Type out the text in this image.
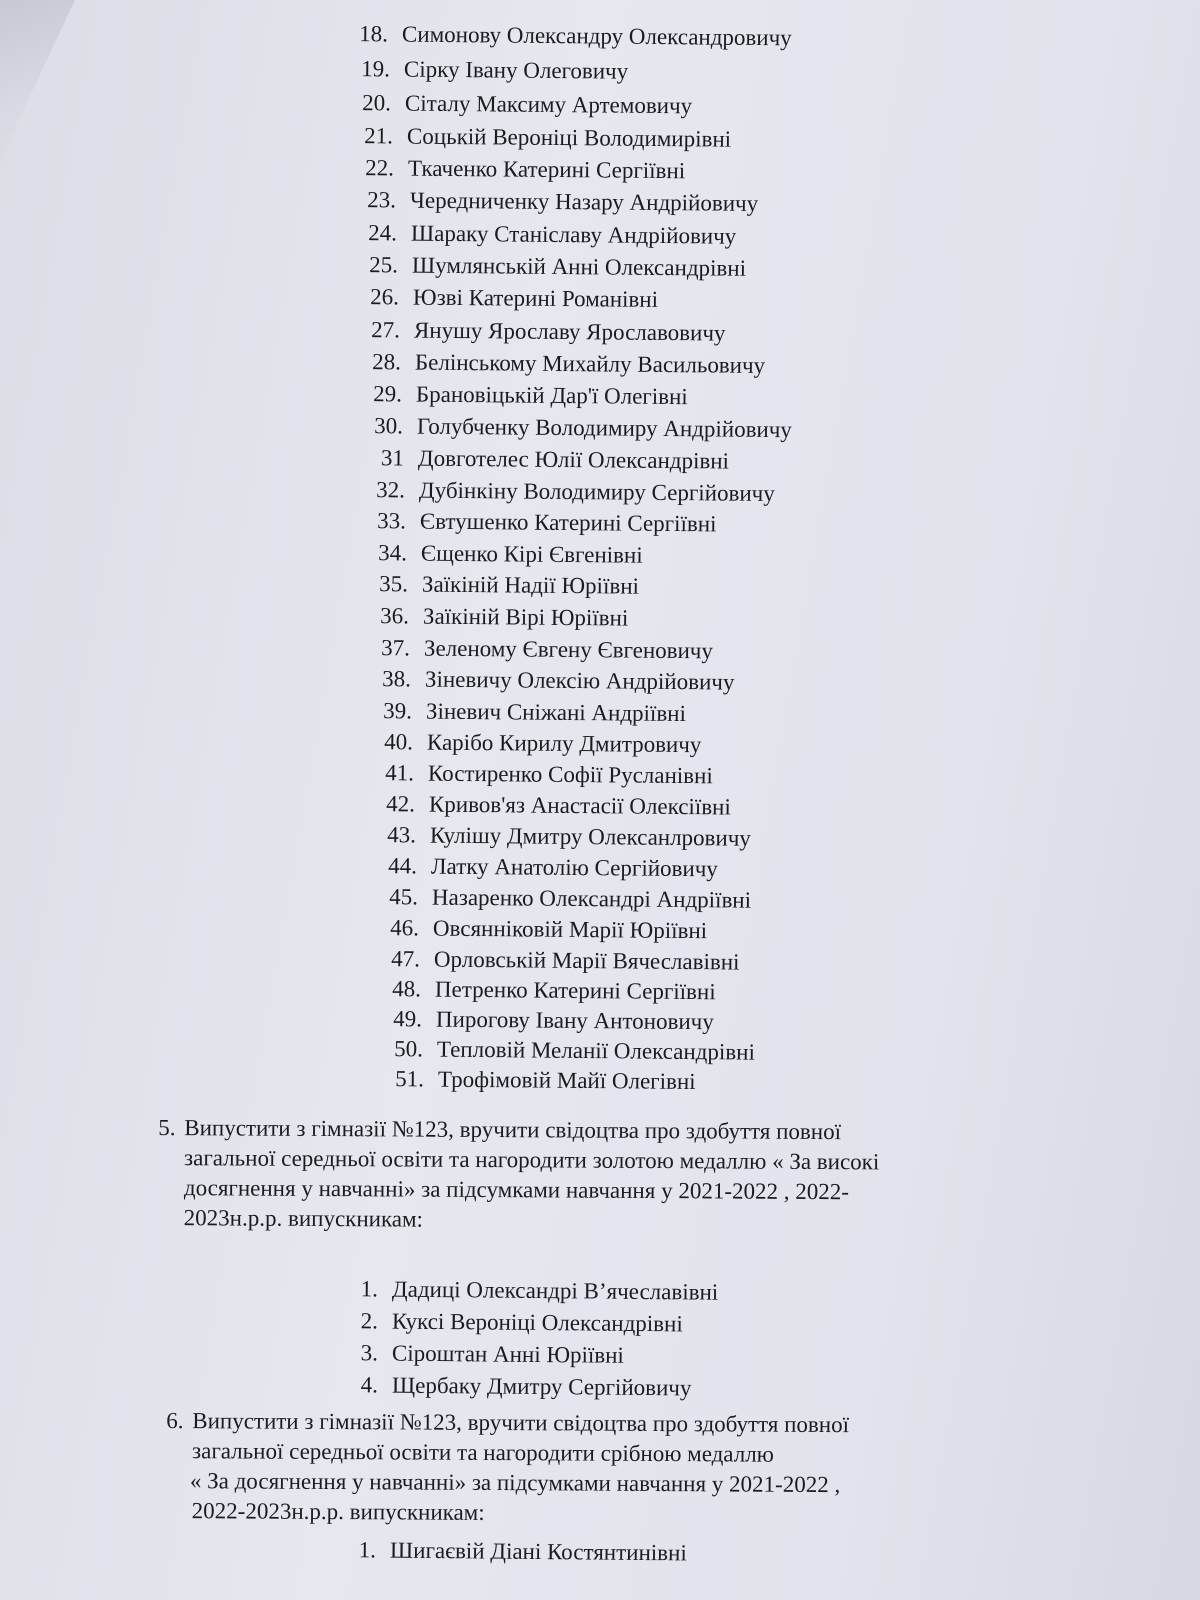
18. Симонову Олександру Олександровичу
19. Сірку Івану Олеговичу
20. Сіталу Максиму Артемовичу
21. Соцькій Вероніці Володимирівні
22. Ткаченко Катерині Сергіївні
23. Чередниченку Назару Андрійовичу
24. Шараку Станіславу Андрійовичу
25. Шумлянській Анні Олександрівні
26. Юзві Катерині Романівні
27. Янушу Ярославу Ярославовичу
28. Белінському Михайлу Васильовичу
29. Брановіцькій Дар'ї Олегівні
30. Голубченку Володимиру Андрійовичу
31 Довготелес Юлії Олександрівні
32. Дубінкіну Володимиру Сергійовичу
33. Євтушенко Катерині Сергіївні
34. Єщенко Кірі Євгенівні
35. Заїкіній Надії Юріївні
36. Заїкіній Вірі Юріївні
37. Зеленому Євгену Євгеновичу
38. Зіневичу Олексію Андрійовичу
39. Зіневич Сніжані Андріївні
40. Карібо Кирилу Дмитровичу
41. Костиренко Софії Русланівні
42. Кривов'яз Анастасії Олексіївні
43. Кулішу Дмитру Олексанлровичу
44. Латку Анатолію Сергійовичу
45. Назаренко Олександрі Андріївні
46. Овсяннiковій Марії Юріївні
47. Орловській Марії Вячеславівні
48. Петренко Катерині Сергіївні
49. Пирогову Івану Антоновичу
50. Тепловій Меланії Олександрівні
51. Трофімовій Майї Олегівні
5. Випустити з гімназії №123, вручити свідоцтва про здобуття повної
загальної середньої освіти та нагородити золотою медаллю « За високі
досягнення у навчанні» за підсумками навчання у 2021-2022 , 2022-
2023н.р.р. випускникам:
1. Дадиці Олександрі В’ячеславівні
2. Куксі Вероніці Олександрівні
3. Сіроштан Анні Юріївні
4. Щербаку Дмитру Сергійовичу
6. Випустити з гімназії №123, вручити свідоцтва про здобуття повної
загальної середньої освіти та нагородити срібною медаллю
« За досягнення у навчанні» за підсумками навчання у 2021-2022 ,
2022-2023н.р.р. випускникам:
1. Шигаєвій Діані Костянтинівні
